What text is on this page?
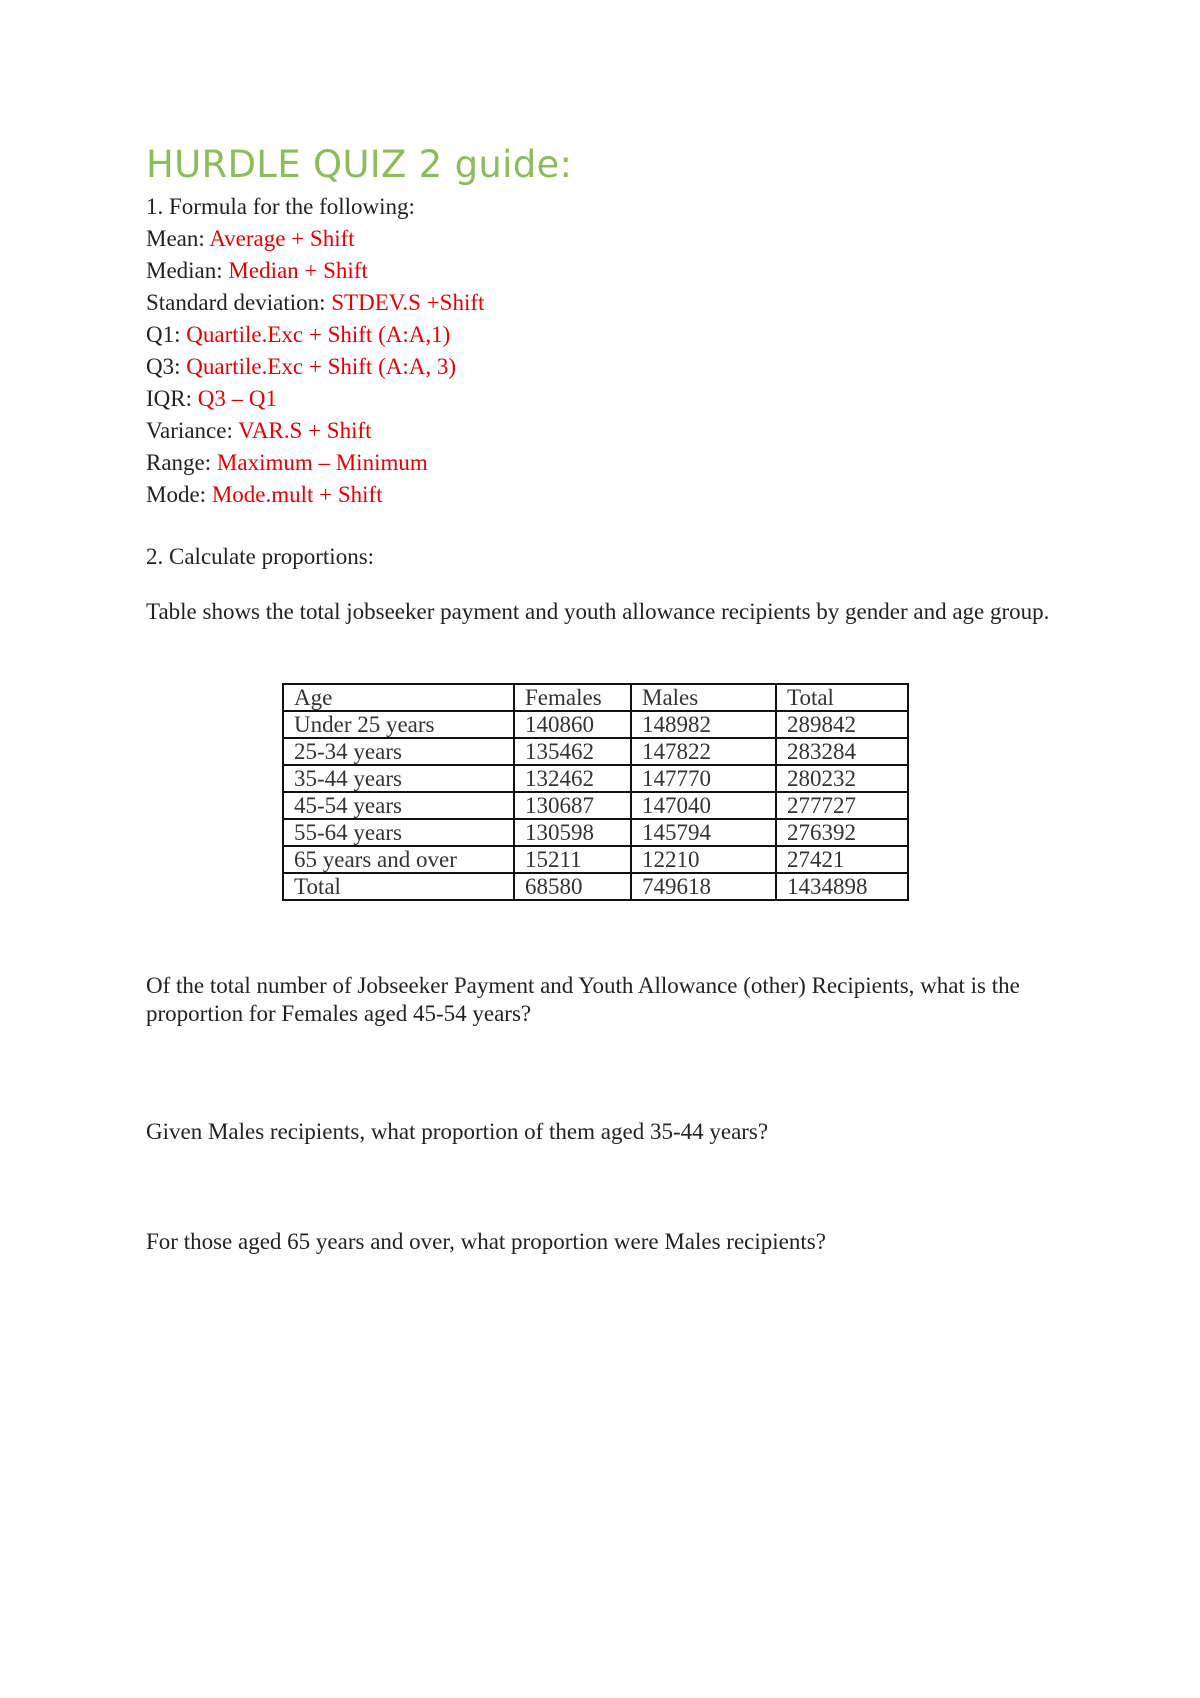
HURDLE QUIZ 2 guide:
1. Formula for the following:
Mean: Average + Shift
Median: Median + Shift
Standard deviation: STDEV.S +Shift
Q1: Quartile.Exc + Shift (A:A,1)
Q3: Quartile.Exc + Shift (A:A, 3)
IQR: Q3 – Q1
Variance: VAR.S + Shift
Range: Maximum – Minimum
Mode: Mode.mult + Shift
2. Calculate proportions:
Table shows the total jobseeker payment and youth allowance recipients by gender and age group.
Age	Females	Males	Total
Under 25 years	140860	148982	289842
25-34 years	135462	147822	283284
35-44 years	132462	147770	280232
45-54 years	130687	147040	277727
55-64 years	130598	145794	276392
65 years and over	15211	12210	27421
Total	68580	749618	1434898
Of the total number of Jobseeker Payment and Youth Allowance (other) Recipients, what is the proportion for Females aged 45-54 years?
Given Males recipients, what proportion of them aged 35-44 years?
For those aged 65 years and over, what proportion were Males recipients?
